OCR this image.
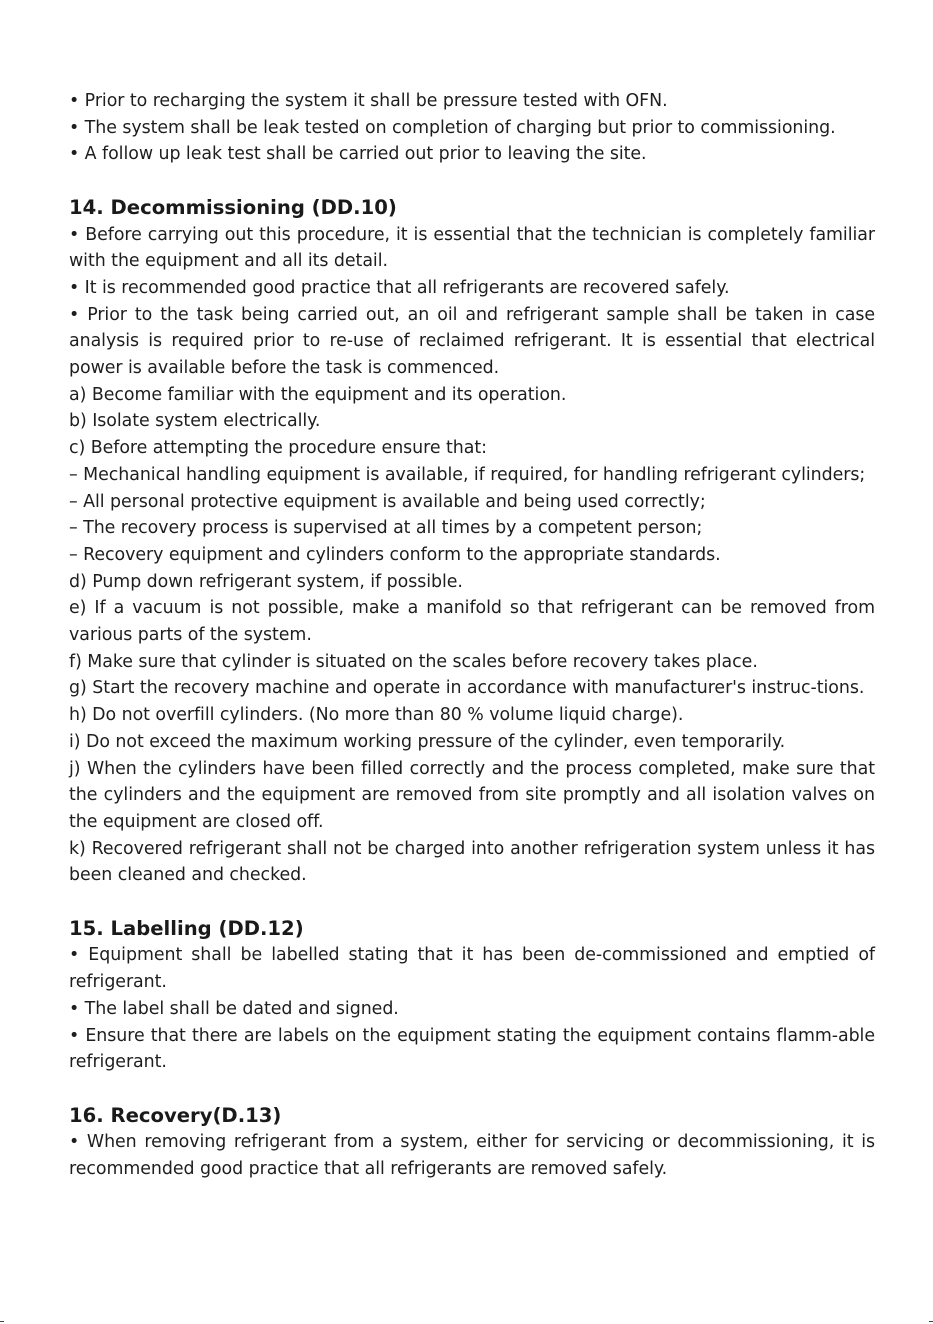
• Prior to recharging the system it shall be pressure tested with OFN.
• The system shall be leak tested on completion of charging but prior to commissioning.
• A follow up leak test shall be carried out prior to leaving the site.
14. Decommissioning (DD.10)
• Before carrying out this procedure, it is essential that the technician is completely familiar with the equipment and all its detail.
• It is recommended good practice that all refrigerants are recovered safely.
• Prior to the task being carried out, an oil and refrigerant sample shall be taken in case analysis is required prior to re-use of reclaimed refrigerant. It is essential that electrical power is available before the task is commenced.
a) Become familiar with the equipment and its operation.
b) Isolate system electrically.
c) Before attempting the procedure ensure that:
– Mechanical handling equipment is available, if required, for handling refrigerant cylinders;
– All personal protective equipment is available and being used correctly;
– The recovery process is supervised at all times by a competent person;
– Recovery equipment and cylinders conform to the appropriate standards.
d) Pump down refrigerant system, if possible.
e) If a vacuum is not possible, make a manifold so that refrigerant can be removed from various parts of the system.
f) Make sure that cylinder is situated on the scales before recovery takes place.
g) Start the recovery machine and operate in accordance with manufacturer's instruc-tions.
h) Do not overfill cylinders. (No more than 80 % volume liquid charge).
i) Do not exceed the maximum working pressure of the cylinder, even temporarily.
j) When the cylinders have been filled correctly and the process completed, make sure that the cylinders and the equipment are removed from site promptly and all isolation valves on the equipment are closed off.
k) Recovered refrigerant shall not be charged into another refrigeration system unless it has been cleaned and checked.
15. Labelling (DD.12)
• Equipment shall be labelled stating that it has been de-commissioned and emptied of refrigerant.
• The label shall be dated and signed.
• Ensure that there are labels on the equipment stating the equipment contains flamm-able refrigerant.
16. Recovery(D.13)
• When removing refrigerant from a system, either for servicing or decommissioning, it is recommended good practice that all refrigerants are removed safely.
